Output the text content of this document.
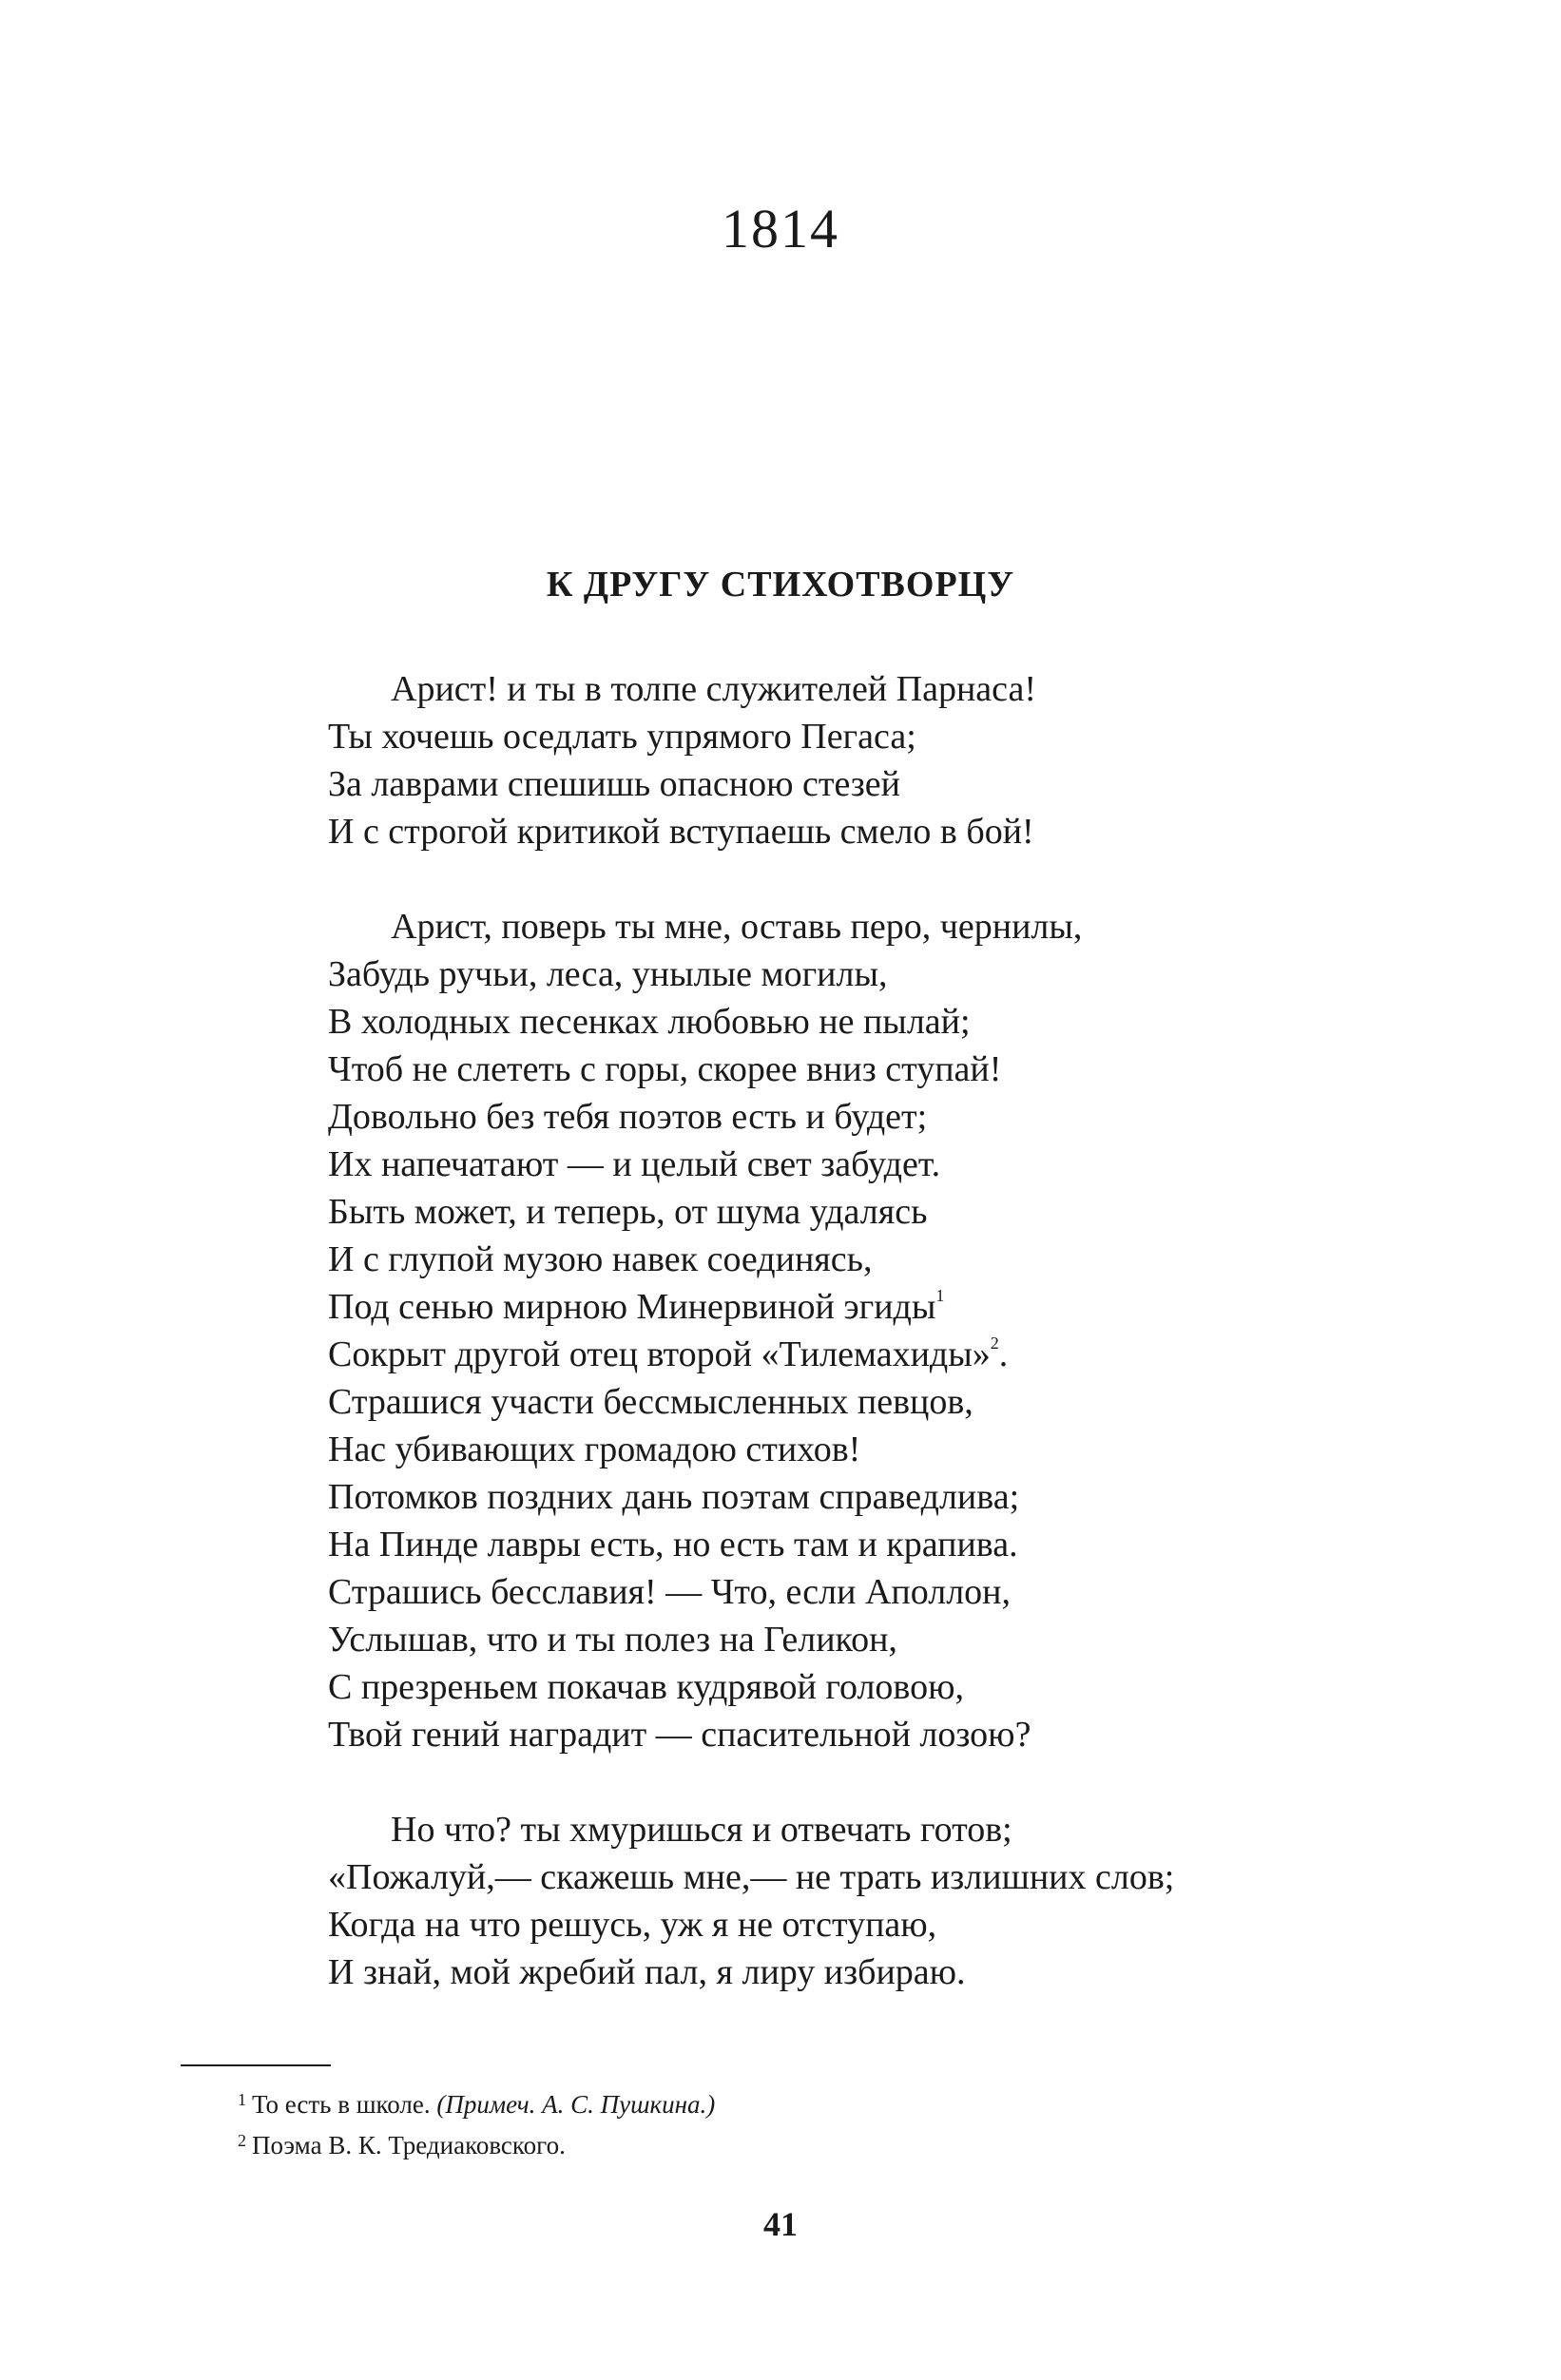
1814
К ДРУГУ СТИХОТВОРЦУ
Арист! и ты в толпе служителей Парнаса!
Ты хочешь оседлать упрямого Пегаса;
За лаврами спешишь опасною стезей
И с строгой критикой вступаешь смело в бой!
Арист, поверь ты мне, оставь перо, чернилы,
Забудь ручьи, леса, унылые могилы,
В холодных песенках любовью не пылай;
Чтоб не слететь с горы, скорее вниз ступай!
Довольно без тебя поэтов есть и будет;
Их напечатают — и целый свет забудет.
Быть может, и теперь, от шума удалясь
И с глупой музою навек соединясь,
Под сенью мирною Минервиной эгиды$^1$
Сокрыт другой отец второй «Тилемахиды»$^2$.
Страшися участи бессмысленных певцов,
Нас убивающих громадою стихов!
Потомков поздних дань поэтам справедлива;
На Пинде лавры есть, но есть там и крапива.
Страшись бесславия! — Что, если Аполлон,
Услышав, что и ты полез на Геликон,
С презреньем покачав кудрявой головою,
Твой гений наградит — спасительной лозою?
Но что? ты хмуришься и отвечать готов;
«Пожалуй,— скажешь мне,— не трать излишних слов;
Когда на что решусь, уж я не отступаю,
И знай, мой жребий пал, я лиру избираю.
$^1$ То есть в школе. (Примеч. А. С. Пушкина.)
$^2$ Поэма В. К. Тредиаковского.
41
